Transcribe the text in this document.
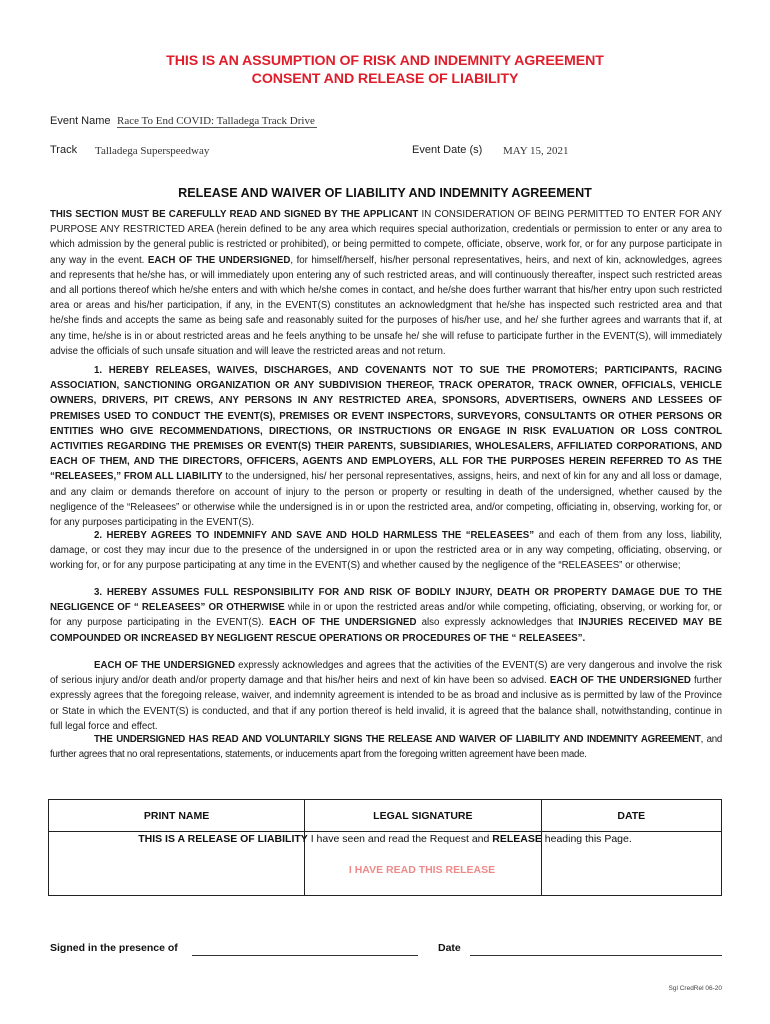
THIS IS AN ASSUMPTION OF RISK AND INDEMNITY AGREEMENT
CONSENT AND RELEASE OF LIABILITY
Event Name Race To End COVID: Talladega Track Drive
Track Talladega Superspeedway	Event Date (s) MAY 15, 2021
RELEASE AND WAIVER OF LIABILITY AND INDEMNITY AGREEMENT
THIS SECTION MUST BE CAREFULLY READ AND SIGNED BY THE APPLICANT IN CONSIDERATION OF BEING PERMITTED TO ENTER FOR ANY PURPOSE ANY RESTRICTED AREA (herein defined to be any area which requires special authorization, credentials or permission to enter or any area to which admission by the general public is restricted or prohibited), or being permitted to compete, officiate, observe, work for, or for any purpose participate in any way in the event. EACH OF THE UNDERSIGNED, for himself/herself, his/her personal representatives, heirs, and next of kin, acknowledges, agrees and represents that he/she has, or will immediately upon entering any of such restricted areas, and will continuously thereafter, inspect such restricted areas and all portions thereof which he/she enters and with which he/she comes in contact, and he/she does further warrant that his/her entry upon such restricted area or areas and his/her participation, if any, in the EVENT(S) constitutes an acknowledgment that he/she has inspected such restricted area and that he/she finds and accepts the same as being safe and reasonably suited for the purposes of his/her use, and he/ she further agrees and warrants that if, at any time, he/she is in or about restricted areas and he feels anything to be unsafe he/ she will refuse to participate further in the EVENT(S), will immediately advise the officials of such unsafe situation and will leave the restricted areas and not return.
1. HEREBY RELEASES, WAIVES, DISCHARGES, AND COVENANTS NOT TO SUE THE PROMOTERS; PARTICIPANTS, RACING ASSOCIATION, SANCTIONING ORGANIZATION OR ANY SUBDIVISION THEREOF, TRACK OPERATOR, TRACK OWNER, OFFICIALS, VEHICLE OWNERS, DRIVERS, PIT CREWS, ANY PERSONS IN ANY RESTRICTED AREA, SPONSORS, ADVERTISERS, OWNERS AND LESSEES OF PREMISES USED TO CONDUCT THE EVENT(S), PREMISES OR EVENT INSPECTORS, SURVEYORS, CONSULTANTS OR OTHER PERSONS OR ENTITIES WHO GIVE RECOMMENDATIONS, DIRECTIONS, OR INSTRUCTIONS OR ENGAGE IN RISK EVALUATION OR LOSS CONTROL ACTIVITIES REGARDING THE PREMISES OR EVENT(S) THEIR PARENTS, SUBSIDIARIES, WHOLESALERS, AFFILIATED CORPORATIONS, AND EACH OF THEM, AND THE DIRECTORS, OFFICERS, AGENTS AND EMPLOYERS, ALL FOR THE PURPOSES HEREIN REFERRED TO AS THE “RELEASEES,” FROM ALL LIABILITY to the undersigned, his/ her personal representatives, assigns, heirs, and next of kin for any and all loss or damage, and any claim or demands therefore on account of injury to the person or property or resulting in death of the undersigned, whether caused by the negligence of the “Releasees” or otherwise while the undersigned is in or upon the restricted area, and/or competing, officiating in, observing, working for, or for any purposes participating in the EVENT(S).
2. HEREBY AGREES TO INDEMNIFY AND SAVE AND HOLD HARMLESS THE “RELEASEES” and each of them from any loss, liability, damage, or cost they may incur due to the presence of the undersigned in or upon the restricted area or in any way competing, officiating, observing, or working for, or for any purpose participating at any time in the EVENT(S) and whether caused by the negligence of the “RELEASEES” or otherwise;
3. HEREBY ASSUMES FULL RESPONSIBILITY FOR AND RISK OF BODILY INJURY, DEATH OR PROPERTY DAMAGE DUE TO THE NEGLIGENCE OF “ RELEASEES” OR OTHERWISE while in or upon the restricted areas and/or while competing, officiating, observing, or working for, or for any purpose participating in the EVENT(S). EACH OF THE UNDERSIGNED also expressly acknowledges that INJURIES RECEIVED MAY BE COMPOUNDED OR INCREASED BY NEGLIGENT RESCUE OPERATIONS OR PROCEDURES OF THE “ RELEASEES”.
EACH OF THE UNDERSIGNED expressly acknowledges and agrees that the activities of the EVENT(S) are very dangerous and involve the risk of serious injury and/or death and/or property damage and that his/her heirs and next of kin have been so advised. EACH OF THE UNDERSIGNED further expressly agrees that the foregoing release, waiver, and indemnity agreement is intended to be as broad and inclusive as is permitted by law of the Province or State in which the EVENT(S) is conducted, and that if any portion thereof is held invalid, it is agreed that the balance shall, notwithstanding, continue in full legal force and effect.
THE UNDERSIGNED HAS READ AND VOLUNTARILY SIGNS THE RELEASE AND WAIVER OF LIABILITY AND INDEMNITY AGREEMENT, and further agrees that no oral representations, statements, or inducements apart from the foregoing written agreement have been made.
PRINT NAME	LEGAL SIGNATURE	DATE

THIS IS A RELEASE OF LIABILITY I have seen and read the Request and RELEASE heading this Page.
I HAVE READ THIS RELEASE
Signed in the presence of	Date
Sgl CredRel 06-20
